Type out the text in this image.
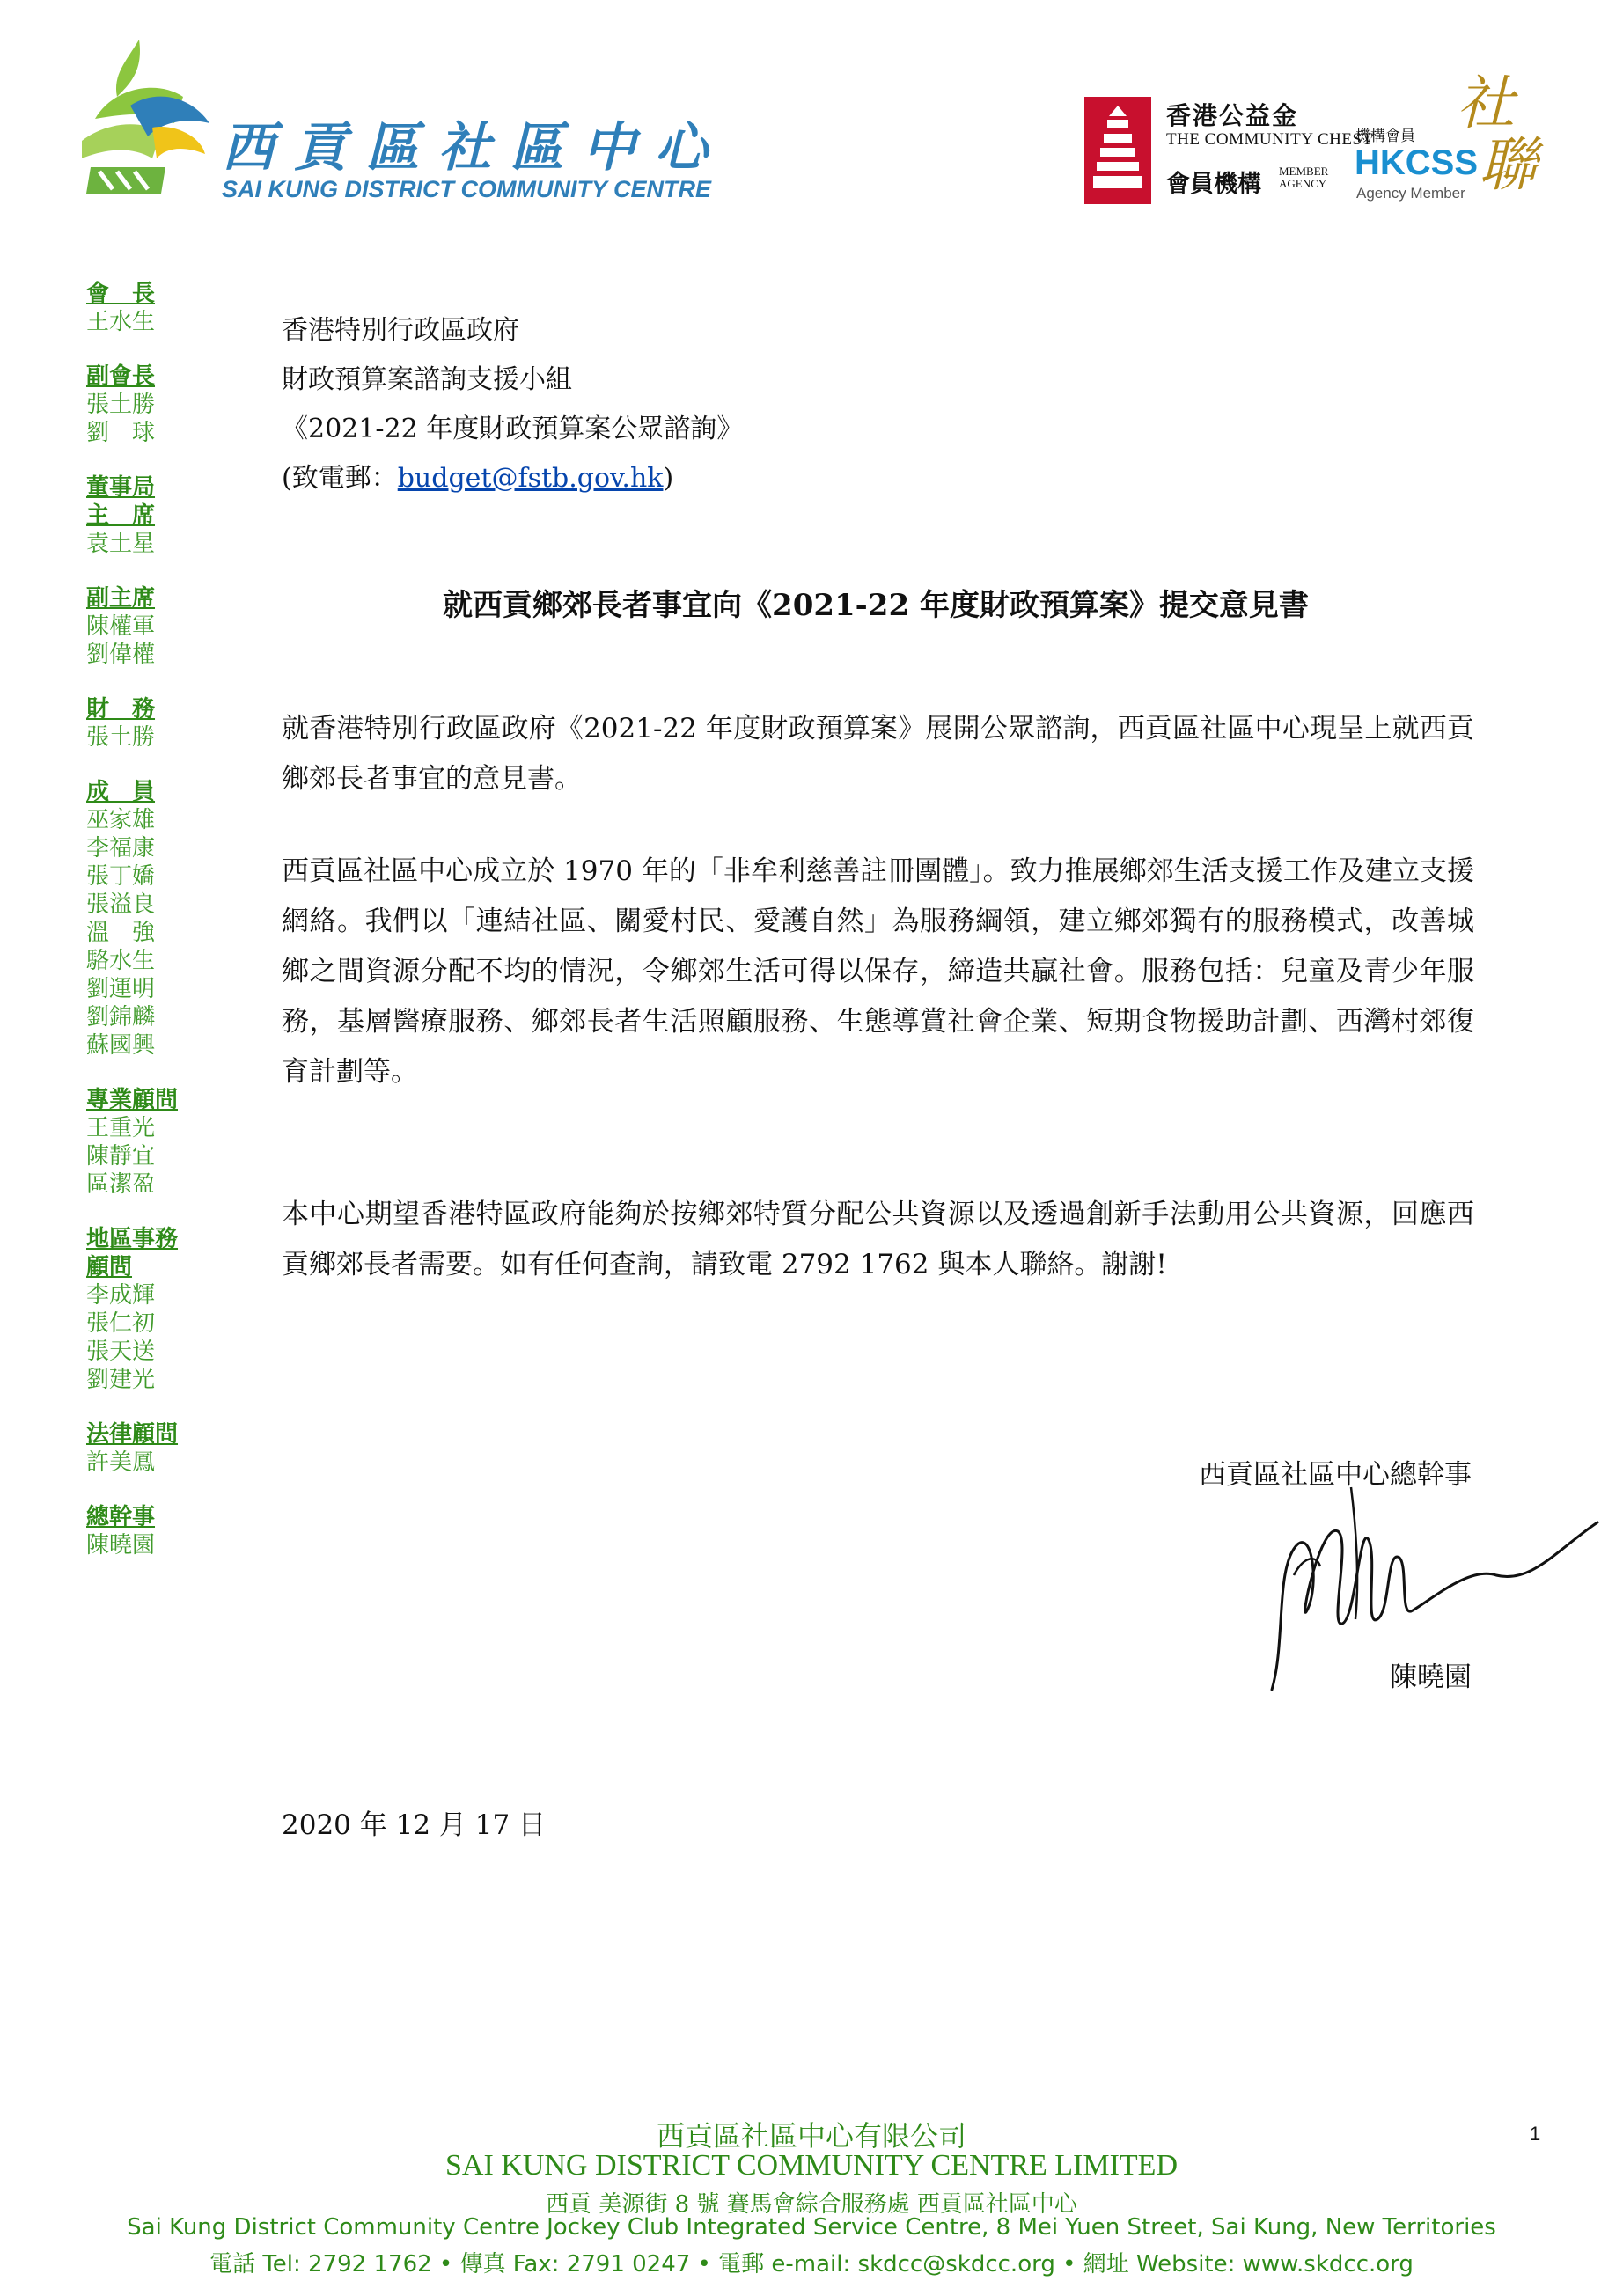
西貢區社區中心
SAI KUNG DISTRICT COMMUNITY CENTRE
香港公益金
THE COMMUNITY CHEST
會員機構 MEMBER AGENCY
機構會員
HKCSS
Agency Member
社
聯
會　長
王水生
副會長
張土勝
劉　球
董事局
主　席
袁土星
副主席
陳權軍
劉偉權
財　務
張土勝
成　員
巫家雄
李福康
張丁嬌
張溢良
溫　強
駱水生
劉運明
劉錦麟
蘇國興
專業顧問
王重光
陳靜宜
區潔盈
地區事務
顧問
李成輝
張仁初
張天送
劉建光
法律顧問
許美鳳
總幹事
陳曉園
香港特別行政區政府
財政預算案諮詢支援小組
《2021-22 年度財政預算案公眾諮詢》
(致電郵：budget@fstb.gov.hk)
就西貢鄉郊長者事宜向《2021-22 年度財政預算案》提交意見書
就香港特別行政區政府《2021-22 年度財政預算案》展開公眾諮詢，西貢區社區中心現呈上就西貢鄉郊長者事宜的意見書。
西貢區社區中心成立於 1970 年的「非牟利慈善註冊團體」。致力推展鄉郊生活支援工作及建立支援網絡。我們以「連結社區、關愛村民、愛護自然」為服務綱領，建立鄉郊獨有的服務模式，改善城鄉之間資源分配不均的情況，令鄉郊生活可得以保存，締造共贏社會。服務包括：兒童及青少年服務，基層醫療服務、鄉郊長者生活照顧服務、生態導賞社會企業、短期食物援助計劃、西灣村郊復育計劃等。
本中心期望香港特區政府能夠於按鄉郊特質分配公共資源以及透過創新手法動用公共資源，回應西貢鄉郊長者需要。如有任何查詢，請致電 2792 1762 與本人聯絡。謝謝!
西貢區社區中心總幹事
陳曉園
2020 年 12 月 17 日
西貢區社區中心有限公司
SAI KUNG DISTRICT COMMUNITY CENTRE LIMITED
西貢 美源街 8 號 賽馬會綜合服務處 西貢區社區中心
Sai Kung District Community Centre Jockey Club Integrated Service Centre, 8 Mei Yuen Street, Sai Kung, New Territories
電話 Tel: 2792 1762 • 傳真 Fax: 2791 0247 • 電郵 e-mail: skdcc@skdcc.org • 網址 Website: www.skdcc.org
1
